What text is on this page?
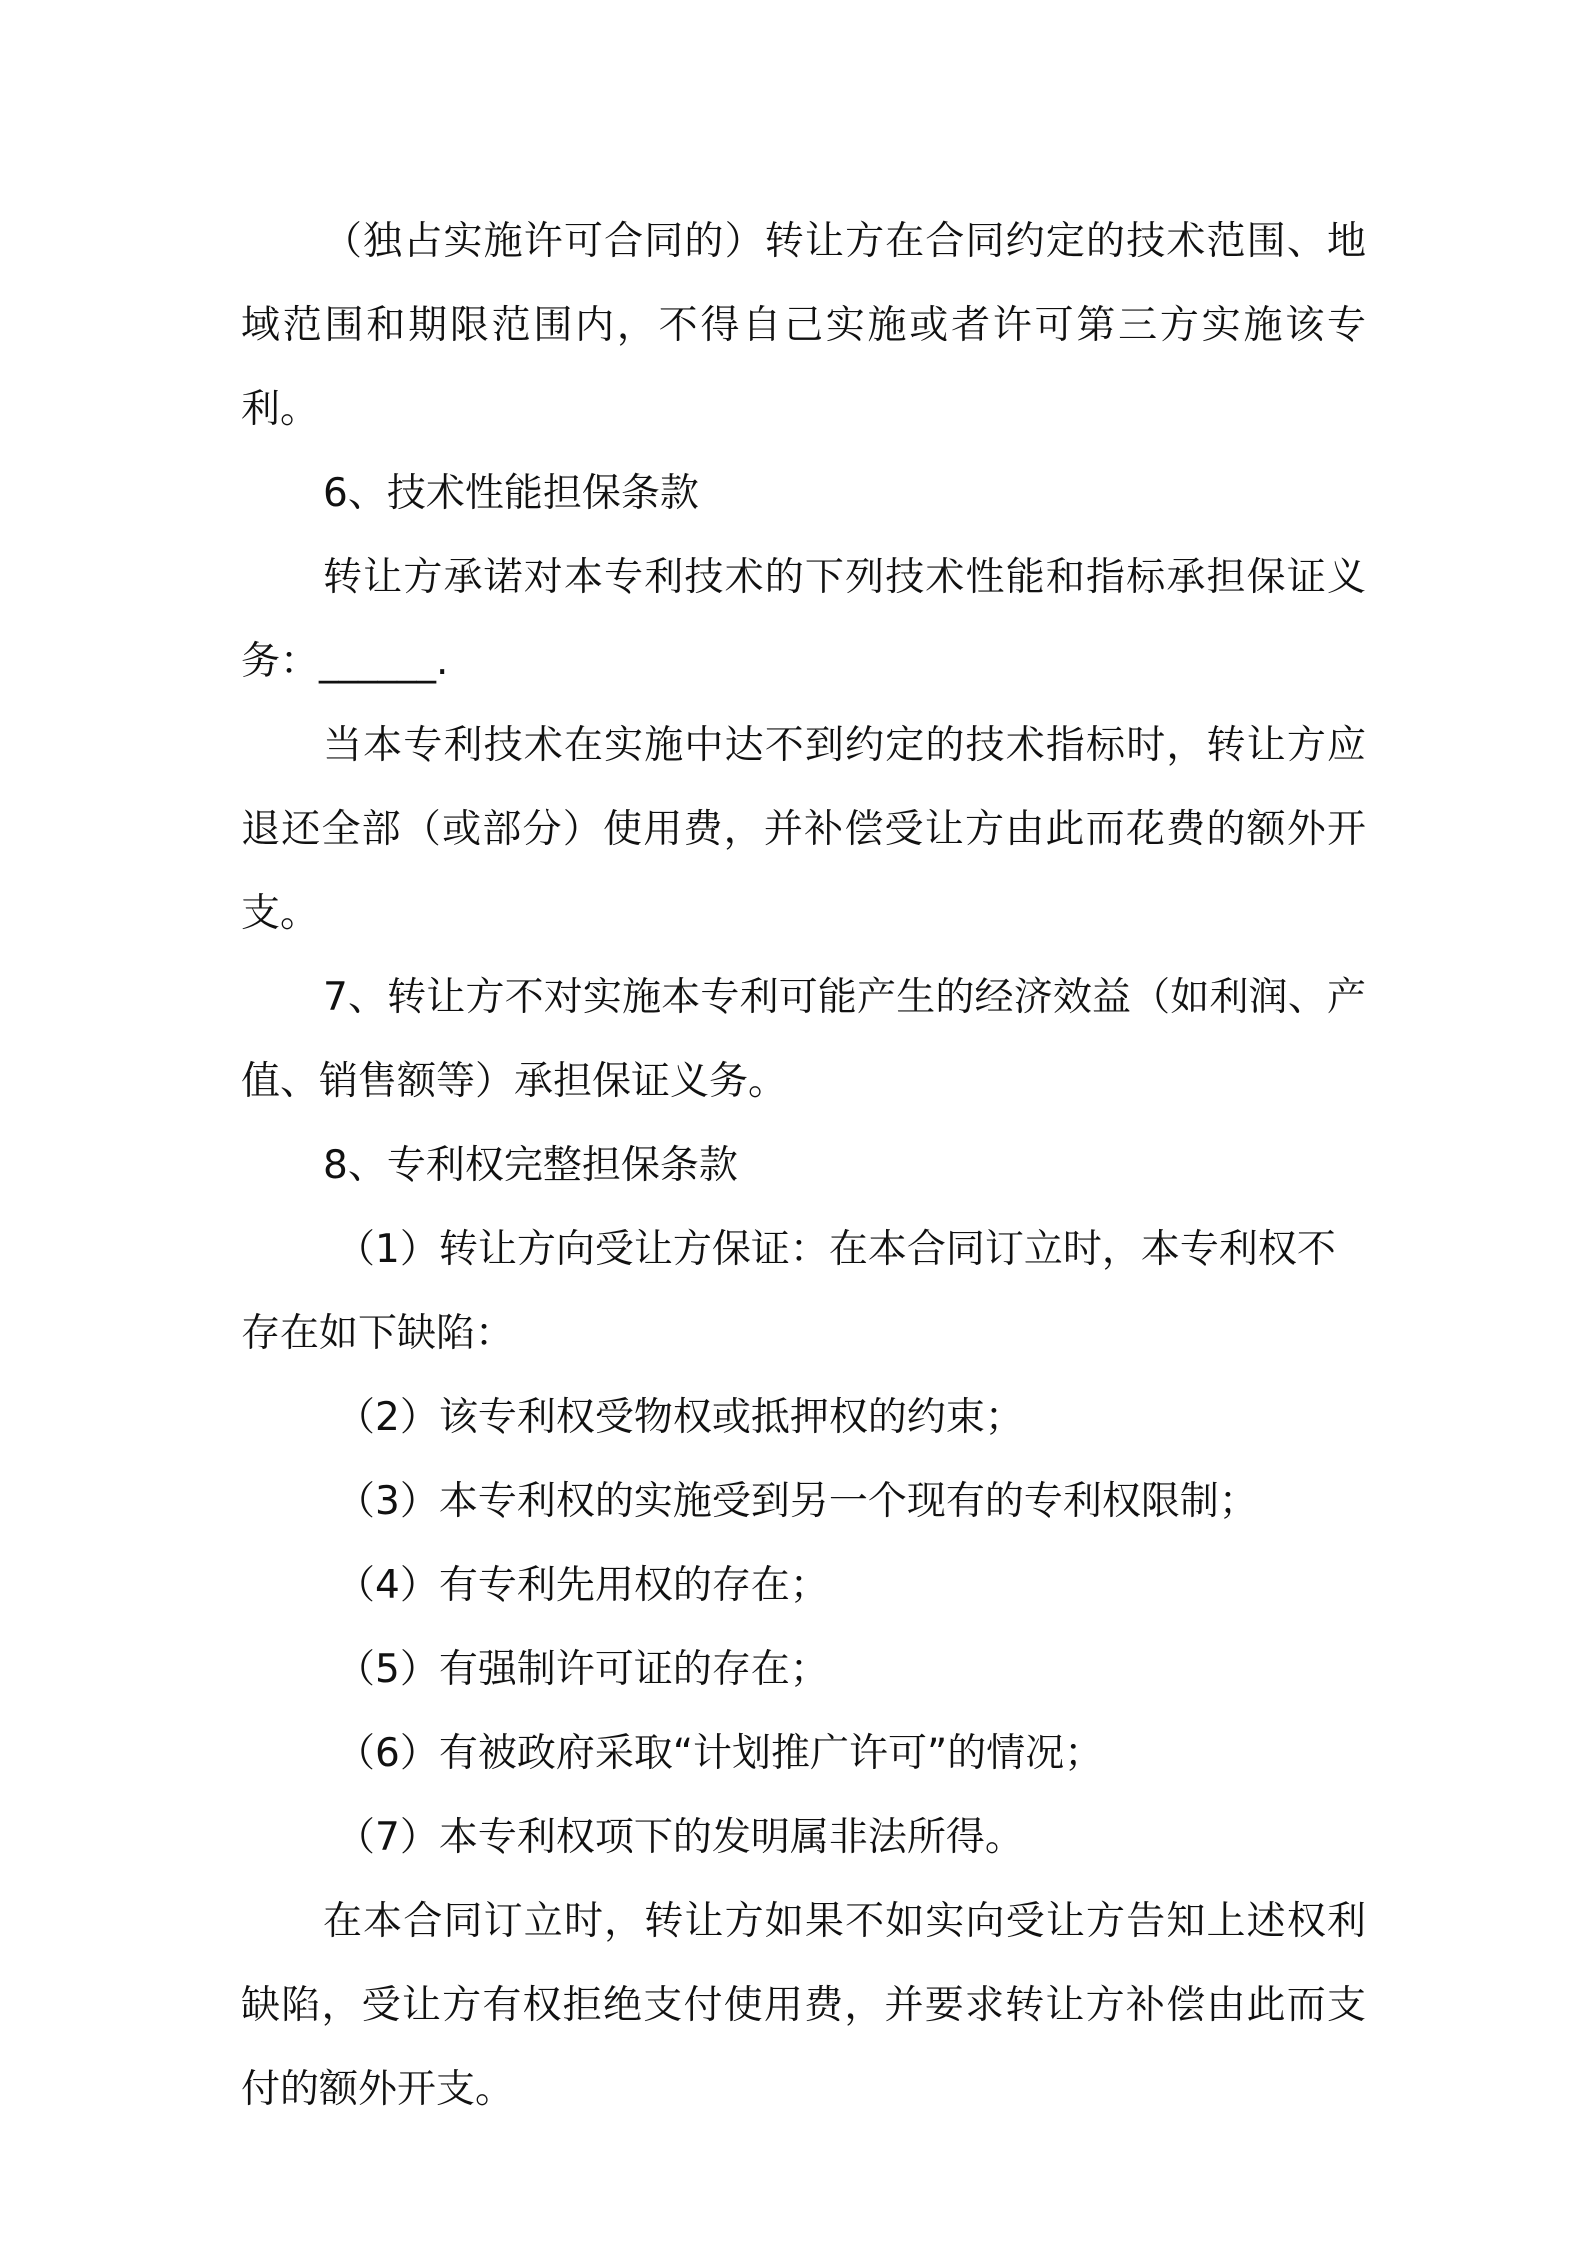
（独占实施许可合同的）转让方在合同约定的技术范围、地域范围和期限范围内，不得自己实施或者许可第三方实施该专利。

6、技术性能担保条款

转让方承诺对本专利技术的下列技术性能和指标承担保证义务：______.

当本专利技术在实施中达不到约定的技术指标时，转让方应退还全部（或部分）使用费，并补偿受让方由此而花费的额外开支。

7、转让方不对实施本专利可能产生的经济效益（如利润、产值、销售额等）承担保证义务。

8、专利权完整担保条款

（1）转让方向受让方保证：在本合同订立时，本专利权不存在如下缺陷：

（2）该专利权受物权或抵押权的约束；

（3）本专利权的实施受到另一个现有的专利权限制；

（4）有专利先用权的存在；

（5）有强制许可证的存在；

（6）有被政府采取“计划推广许可”的情况；

（7）本专利权项下的发明属非法所得。

在本合同订立时，转让方如果不如实向受让方告知上述权利缺陷，受让方有权拒绝支付使用费，并要求转让方补偿由此而支付的额外开支。
